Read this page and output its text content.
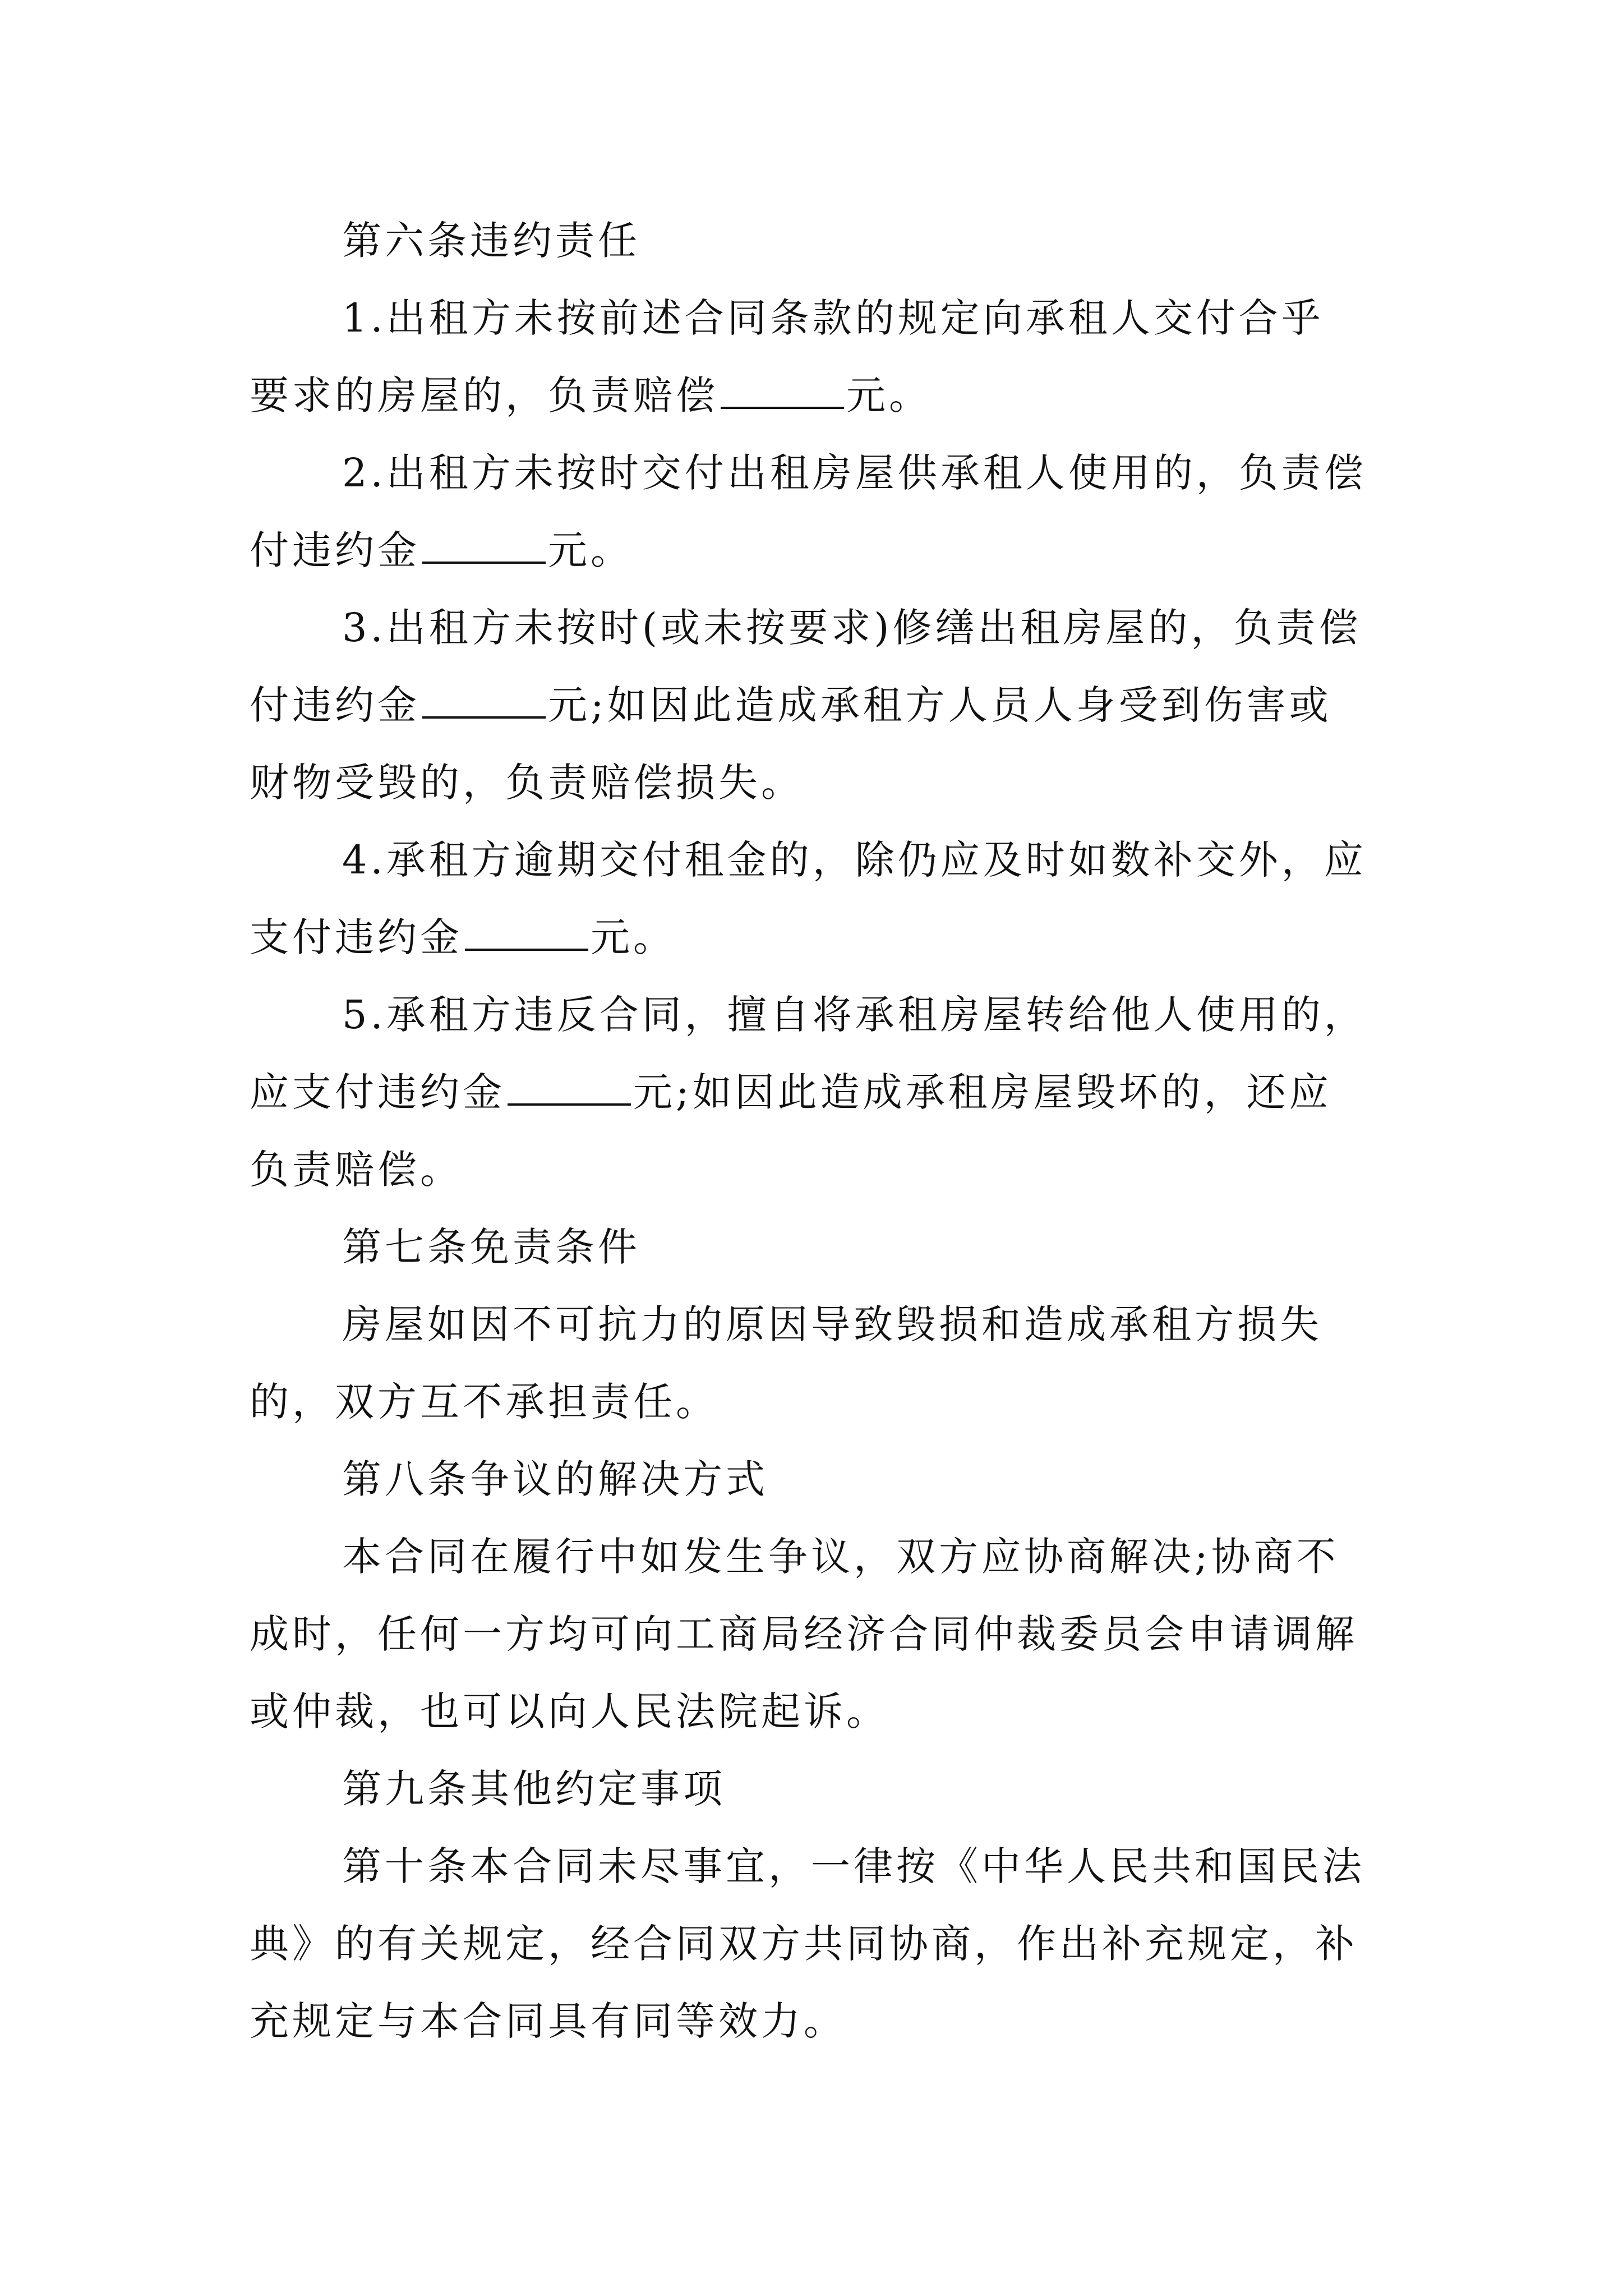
第六条违约责任
1.出租方未按前述合同条款的规定向承租人交付合乎
要求的房屋的，负责赔偿	元。
2.出租方未按时交付出租房屋供承租人使用的，负责偿
付违约金	元。
3.出租方未按时(或未按要求)修缮出租房屋的，负责偿
付违约金	元;如因此造成承租方人员人身受到伤害或
财物受毁的，负责赔偿损失。
4.承租方逾期交付租金的，除仍应及时如数补交外，应
支付违约金	元。
5.承租方违反合同，擅自将承租房屋转给他人使用的，
应支付违约金	元;如因此造成承租房屋毁坏的，还应
负责赔偿。
第七条免责条件
房屋如因不可抗力的原因导致毁损和造成承租方损失
的，双方互不承担责任。
第八条争议的解决方式
本合同在履行中如发生争议，双方应协商解决;协商不
成时，任何一方均可向工商局经济合同仲裁委员会申请调解
或仲裁，也可以向人民法院起诉。
第九条其他约定事项
第十条本合同未尽事宜，一律按《中华人民共和国民法
典》的有关规定，经合同双方共同协商，作出补充规定，补
充规定与本合同具有同等效力。
